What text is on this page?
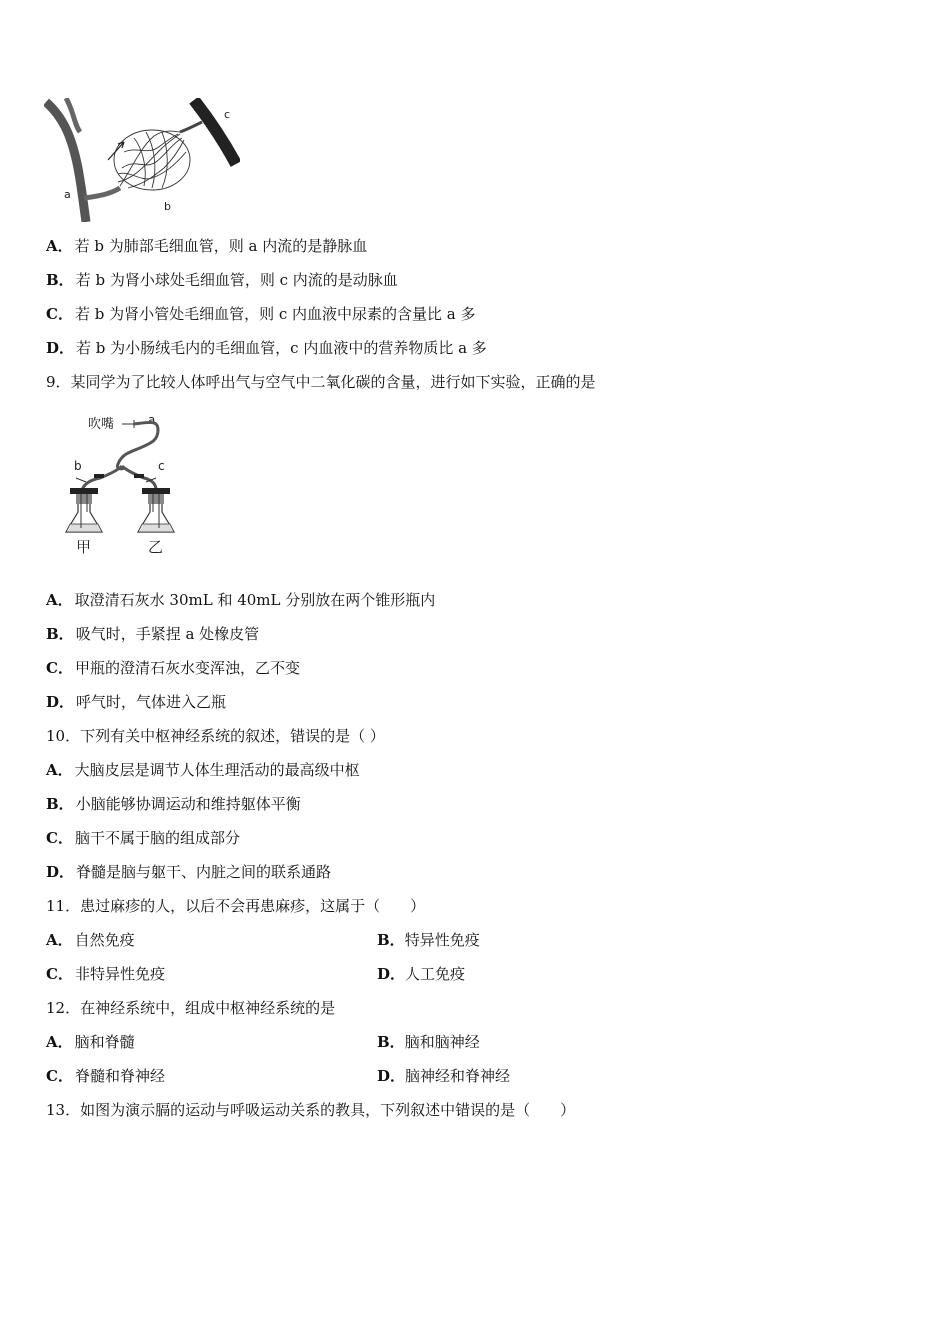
a
b
c
A． 若 b 为肺部毛细血管，则 a 内流的是静脉血
B． 若 b 为肾小球处毛细血管，则 c 内流的是动脉血
C． 若 b 为肾小管处毛细血管，则 c 内血液中尿素的含量比 a 多
D． 若 b 为小肠绒毛内的毛细血管，c 内血液中的营养物质比 a 多
9．某同学为了比较人体呼出气与空气中二氧化碳的含量，进行如下实验，正确的是
吹嘴	a
b	c
甲	乙
A． 取澄清石灰水 30mL 和 40mL 分别放在两个锥形瓶内
B． 吸气时，手紧捏 a 处橡皮管
C． 甲瓶的澄清石灰水变浑浊，乙不变
D． 呼气时，气体进入乙瓶
10．下列有关中枢神经系统的叙述，错误的是（ ）
A． 大脑皮层是调节人体生理活动的最高级中枢
B． 小脑能够协调运动和维持躯体平衡
C． 脑干不属于脑的组成部分
D． 脊髓是脑与躯干、内脏之间的联系通路
11．患过麻疹的人，以后不会再患麻疹，这属于（　　）
A． 自然免疫	B．特异性免疫
C． 非特异性免疫	D．人工免疫
12．在神经系统中，组成中枢神经系统的是
A． 脑和脊髓	B．脑和脑神经
C． 脊髓和脊神经	D．脑神经和脊神经
13．如图为演示膈的运动与呼吸运动关系的教具，下列叙述中错误的是（　　）
